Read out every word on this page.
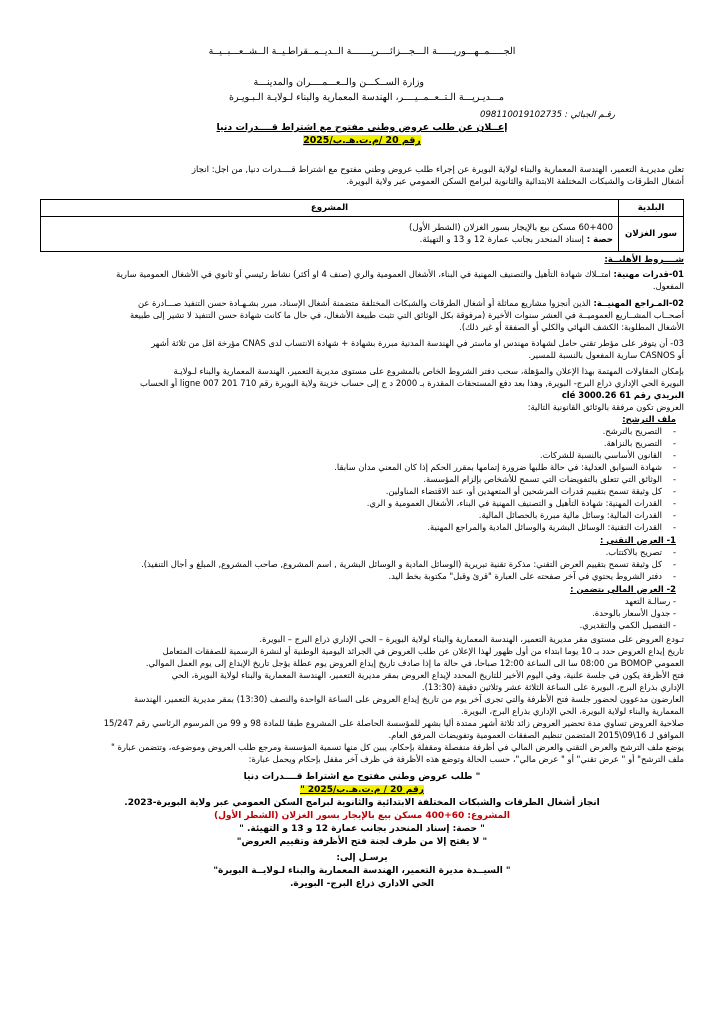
الجـــــمــهـــوريــــــة الـــجـــزائــــريـــــــة الــديــمــقراطـيــة الــشــعـــبــيــة
وزارة الســكـــن والــعـــمــــران والمدينـــة
مـــديـريـــة الـتــعــمــيــــر، الهندسة المعمارية والبناء لـولايـة الـبـويـرة
رقـم الجبائي : 098110019102735
إعــلان عن طلب عروض وطني مفتوح مع اشتراط قــــدرات دنيا
رقم 20 /م.ت.هـ.ب/2025
تعلن مديريـة التعمير، الهندسة المعمارية والبناء لولاية البويرة عن إجراء طلب عروض وطني مفتوح مع اشتراط قــــدرات دنيا, من اجل: انجاز
أشغال الطرقات والشبكات المختلفة الابتدائية والثانوية لبرامج السكن العمومي عبر ولاية البويرة.
البلدية	المشروع
سور الغزلان	60+400 مسكن بيع بالإيجار بسور الغزلان (الشطر الأول)
حصة : إسناد المنحدر بجانب عمارة 12 و 13 و التهيئة.
شــــروط الأهليــة:
01-قدرات مهنية: امتــلاك شهادة التأهيل والتصنيف المهنية في البناء، الأشغال العمومية والري (صنف 4 او أكثر) نشاط رئيسي أو ثانوي في الأشغال العمومية سارية
المفعول.
02-المـراجع المهنيــة: الذين أنجزوا مشاريع مماثلة أو أشغال الطرقات والشبكات المختلفة متضمنة أشغال الإسناد، مبرر بشـهـادة حسن التنفيذ صـــادرة عن
أصحــاب المشــاريع العموميــة في العشر سنوات الأخيرة (مرفوقة بكل الوثائق التي تثبت طبيعة الأشغال، في حال ما كانت شهادة حسن التنفيذ لا تشير إلى طبيعة
الأشغال المطلوبة: الكشف النهائي والكلي أو الصفقة أو غير ذلك).
03- أن يتوفر على مؤطر تقني حامل لشهادة مهندس او ماستر في الهندسة المدنية مبررة بشهادة + شهادة الانتساب لدى CNAS مؤرخة اقل من ثلاثة أشهر
أو CASNOS سارية المفعول بالنسبة للمسير.
بإمكان المقاولات المهتمة بهذا الإعلان والمؤهلة، سحب دفتر الشروط الخاص بالمشروع على مستوى مديرية التعمير، الهندسة المعمارية والبناء لـولايـة
البويرة الحي الإداري ذراع البرج- البويرة, وهذا بعد دفع المستحقات المقدرة بـ 2000 د ج إلى حساب خزينة ولاية البويرة رقم 710 ligne 007 201 أو الحساب
البريدي رقم 61 3000.26 clé
العروض تكون مرفقة بالوثائق القانونية التالية:
ملف الترشح:
-التصريح بالترشح.
-التصريح بالنزاهة.
-القانون الأساسي بالنسبة للشركات.
-شهادة السوابق العدلية: في حالة طلبها ضرورة إتمامها بمقرر الحكم إذا كان المعني مدان سابقا.
-الوثائق التي تتعلق بالتفويضات التي تسمح للأشخاص بإلزام المؤسسة.
-كل وثيقة تسمح بتقييم قدرات المرشحين أو المتعهدين أو، عند الاقتضاء المناولين.
-القدرات المهنية: شهادة التأهيل و التصنيف المهنية في البناء، الأشغال العمومية و الري.
-القدرات المالية: وسائل مالية مبررة بالحصائل المالية.
-القدرات التقنية: الوسائل البشرية والوسائل المادية والمراجع المهنية.
1- العرض التقني :
-تصريح بالاكتتاب.
-كل وثيقة تسمح بتقييم العرض التقني: مذكرة تقنية تبريرية (الوسائل المادية و الوسائل البشرية , اسم المشروع, صاحب المشروع, المبلغ و أجال التنفيذ).
-دفتر الشروط يحتوي في آخر صفحته على العبارة "قرئ وقبل" مكتوبة بخط اليد.
2- العرض المالي يتضمن :
- رسالـة التعهد
- جدول الأسعار بالوحدة.
- التفصيل الكمي والتقديري.
تـودع العروض على مستوى مقر مديرية التعمير، الهندسة المعمارية والبناء لولاية البويرة – الحي الإداري ذراع البرج – البويرة.
تاريخ إيداع العروض حدد بـ 10 يوما ابتداء من أول ظهور لهذا الإعلان عن طلب العروض في الجرائد اليومية الوطنية أو لنشرة الرسمية للصفقات المتعامل
العمومي BOMOP من 08:00 سا الى الساعة 12:00 صباحا، في حالة ما إذا صادف تاريخ إيداع العروض يوم عطلة يؤجل تاريخ الإيداع إلى يوم العمل الموالي.
فتح الأظرفة يكون في جلسة علنية، وفي اليوم الأخير للتاريخ المحدد لإيداع العروض بمقر مديرية التعمير، الهندسة المعمارية والبناء لولاية البويرة، الحي
الإداري بذراع البرج، البويرة على الساعة الثلاثة عشر وثلاثين دقيقة (13:30).
العارضون مدعوون لحضور جلسة فتح الأظرفة والتي تجرى آخر يوم من تاريخ إيداع العروض على الساعة الواحدة والنصف (13:30) بمقر مديرية التعمير، الهندسة
المعمارية والبناء لولاية البويرة، الحي الإداري بذراع البرج، البويرة.
صلاحية العروض تساوي مدة تحضير العروض زائد ثلاثة أشهر ممتدة أليا بشهر للمؤسسة الحاصلة على المشروع طبقا للمادة 98 و 99 من المرسوم الرئاسي رقم 15/247
الموافق لـ 16\09\2015 المتضمن تنظيم الصفقات العمومية وتفويضات المرفق العام.
يوضع ملف الترشح والعرض التقني والعرض المالي في أظرفة منفصلة ومقفلة بإحكام، يبين كل منها تسمية المؤسسة ومرجع طلب العروض وموضوعه، وتتضمن عبارة "
ملف الترشح" أو " عرض تقني" أو " عرض مالي"، حسب الحالة وتوضع هذه الأظرفة في ظرف آخر مقفل بإحكام ويحمل عبارة:
" طلب عروض وطني مفتوح مع اشتراط قــــدرات دنيا
رقم 20 / م.ت.هـ.ب/2025 "
انجاز أشغال الطرقات والشبكات المختلفة الابتدائية والثانوية لبرامج السكن العمومي عبر ولاية البويرة-2023.
المشروع: 60+400 مسكن بيع بالإيجار بسور الغزلان (الشطر الأول)
" حصة: إسناد المنحدر بجانب عمارة 12 و 13 و التهيئة. "
" لا يفتح إلا من طرف لجنة فتح الأظرفة وتقييم العروض"
يرسـل إلى:
" السيــدة مديرة التعمير، الهندسة المعمارية والبناء لـولايــة البويرة"
الحي الاداري ذراع البرج- البويرة.
